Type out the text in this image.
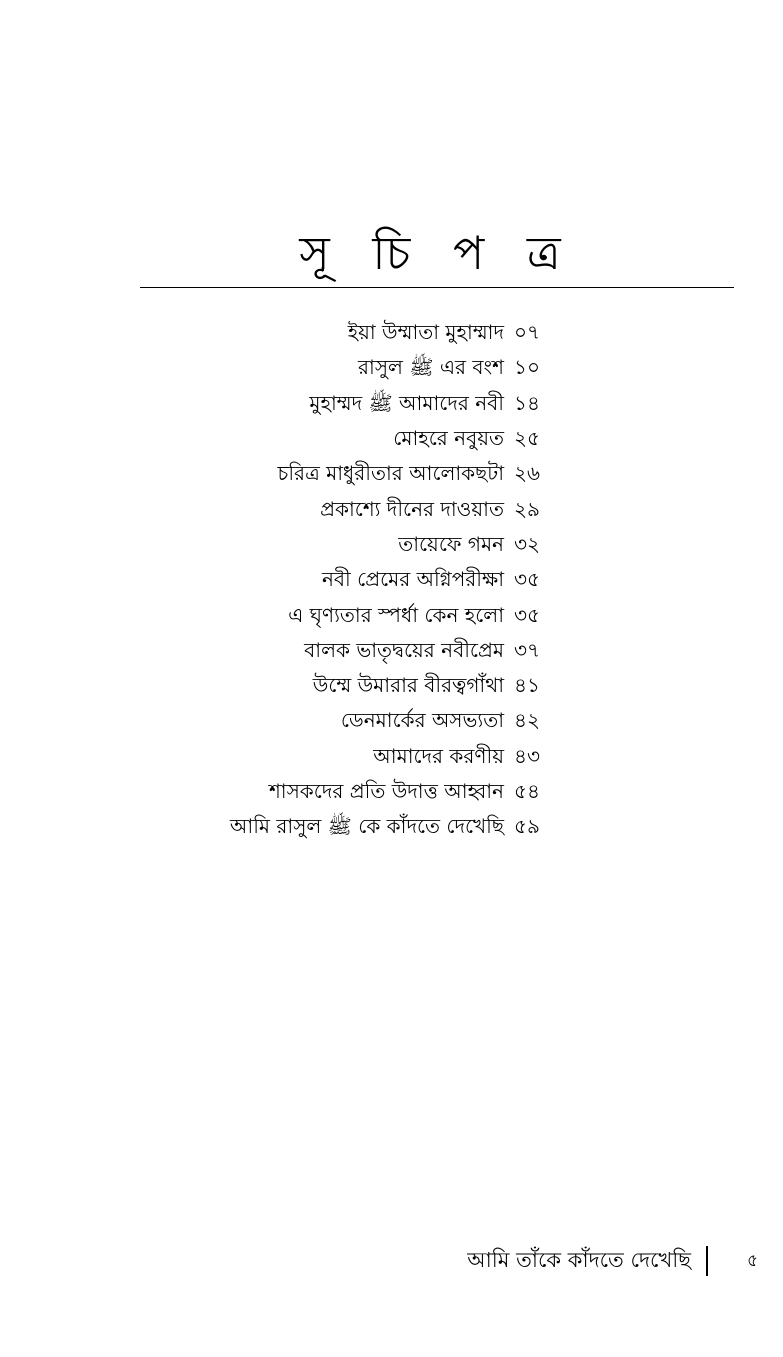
সূ চি প ত্র
ইয়া উম্মাতা মুহাম্মাদ ০৭
রাসুল ﷺ এর বংশ ১০
মুহাম্মদ ﷺ আমাদের নবী ১৪
মোহরে নবুয়ত ২৫
চরিত্র মাধুরীতার আলোকছটা ২৬
প্রকাশ্যে দীনের দাওয়াত ২৯
তায়েফে গমন ৩২
নবী প্রেমের অগ্নিপরীক্ষা ৩৫
এ ঘৃণ্যতার স্পর্ধা কেন হলো ৩৫
বালক ভাতৃদ্বয়ের নবীপ্রেম ৩৭
উম্মে উমারার বীরত্বগাঁথা ৪১
ডেনমার্কের অসভ্যতা ৪২
আমাদের করণীয় ৪৩
শাসকদের প্রতি উদাত্ত আহ্বান ৫৪
আমি রাসুল ﷺ কে কাঁদতে দেখেছি ৫৯
আমি তাঁকে কাঁদতে দেখেছি	৫
